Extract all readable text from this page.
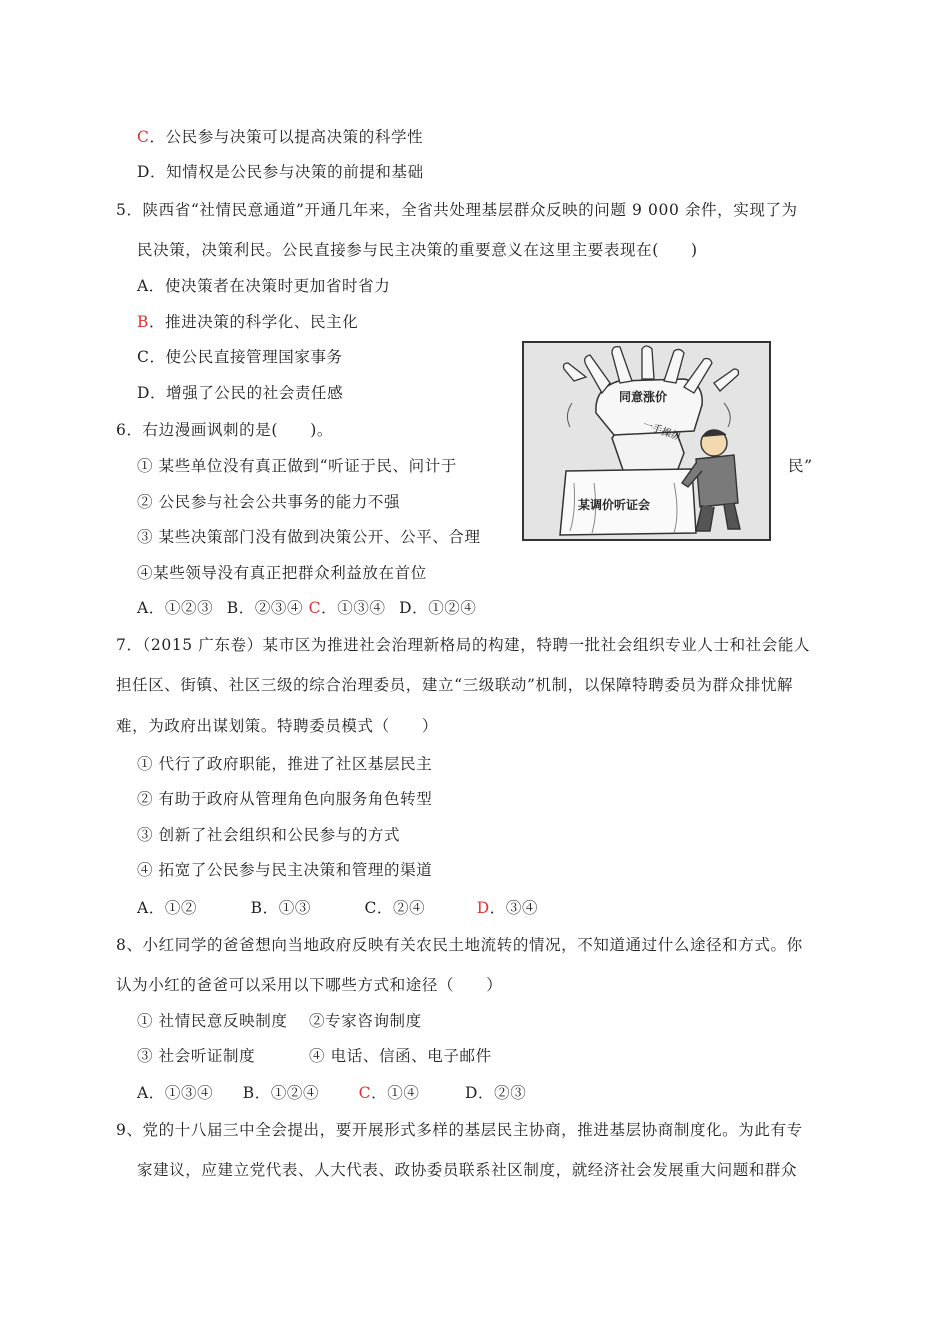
C．公民参与决策可以提高决策的科学性
D．知情权是公民参与决策的前提和基础
5．陕西省“社情民意通道”开通几年来，全省共处理基层群众反映的问题 9 000 余件，实现了为
民决策，决策利民。公民直接参与民主决策的重要意义在这里主要表现在(　　)
A．使决策者在决策时更加省时省力
B．推进决策的科学化、民主化
C．使公民直接管理国家事务
D．增强了公民的社会责任感
6．右边漫画讽刺的是(　　)。
① 某些单位没有真正做到“听证于民、问计于	民”
② 公民参与社会公共事务的能力不强
③ 某些决策部门没有做到决策公开、公平、合理
④某些领导没有真正把群众利益放在首位
A．①②③ B．②③④ C．①③④ D．①②④
7．（2015 广东卷）某市区为推进社会治理新格局的构建，特聘一批社会组织专业人士和社会能人
担任区、街镇、社区三级的综合治理委员，建立“三级联动”机制，以保障特聘委员为群众排忧解
难，为政府出谋划策。特聘委员模式（　　）
① 代行了政府职能，推进了社区基层民主
② 有助于政府从管理角色向服务角色转型
③ 创新了社会组织和公民参与的方式
④ 拓宽了公民参与民主决策和管理的渠道
A．①②	B．①③	C．②④	D．③④
8、小红同学的爸爸想向当地政府反映有关农民土地流转的情况，不知道通过什么途径和方式。你
认为小红的爸爸可以采用以下哪些方式和途径（　　）
① 社情民意反映制度　 ②专家咨询制度
③ 社会听证制度　　　 ④ 电话、信函、电子邮件
A．①③④ B．①②④	C．①④	D．②③
9、党的十八届三中全会提出，要开展形式多样的基层民主协商，推进基层协商制度化。为此有专
家建议，应建立党代表、人大代表、政协委员联系社区制度，就经济社会发展重大问题和群众
同意涨价
一手操纵
某调价听证会
